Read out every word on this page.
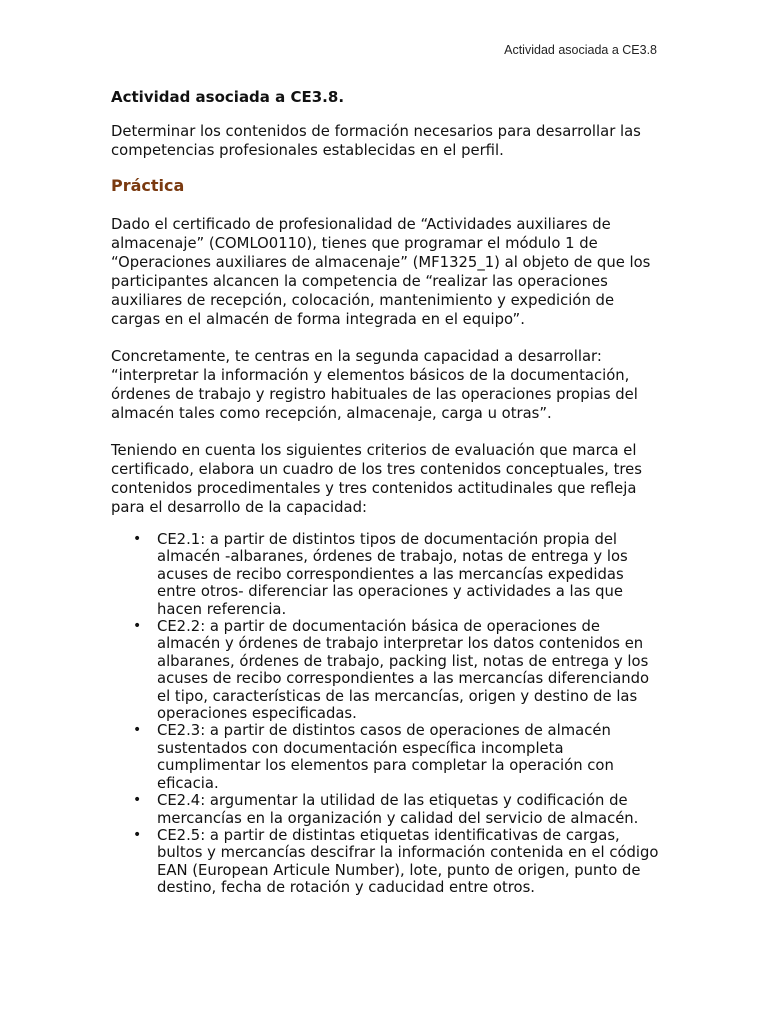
Actividad asociada a CE3.8

Actividad asociada a CE3.8.

Determinar los contenidos de formación necesarios para desarrollar las competencias profesionales establecidas en el perfil.

Práctica

Dado el certificado de profesionalidad de “Actividades auxiliares de almacenaje” (COMLO0110), tienes que programar el módulo 1 de “Operaciones auxiliares de almacenaje” (MF1325_1) al objeto de que los participantes alcancen la competencia de “realizar las operaciones auxiliares de recepción, colocación, mantenimiento y expedición de cargas en el almacén de forma integrada en el equipo”.

Concretamente, te centras en la segunda capacidad a desarrollar: “interpretar la información y elementos básicos de la documentación, órdenes de trabajo y registro habituales de las operaciones propias del almacén tales como recepción, almacenaje, carga u otras”.

Teniendo en cuenta los siguientes criterios de evaluación que marca el certificado, elabora un cuadro de los tres contenidos conceptuales, tres contenidos procedimentales y tres contenidos actitudinales que refleja para el desarrollo de la capacidad:

• CE2.1: a partir de distintos tipos de documentación propia del almacén -albaranes, órdenes de trabajo, notas de entrega y los acuses de recibo correspondientes a las mercancías expedidas entre otros- diferenciar las operaciones y actividades a las que hacen referencia.
• CE2.2: a partir de documentación básica de operaciones de almacén y órdenes de trabajo interpretar los datos contenidos en albaranes, órdenes de trabajo, packing list, notas de entrega y los acuses de recibo correspondientes a las mercancías diferenciando el tipo, características de las mercancías, origen y destino de las operaciones especificadas.
• CE2.3: a partir de distintos casos de operaciones de almacén sustentados con documentación específica incompleta cumplimentar los elementos para completar la operación con eficacia.
• CE2.4: argumentar la utilidad de las etiquetas y codificación de mercancías en la organización y calidad del servicio de almacén.
• CE2.5: a partir de distintas etiquetas identificativas de cargas, bultos y mercancías descifrar la información contenida en el código EAN (European Articule Number), lote, punto de origen, punto de destino, fecha de rotación y caducidad entre otros.
